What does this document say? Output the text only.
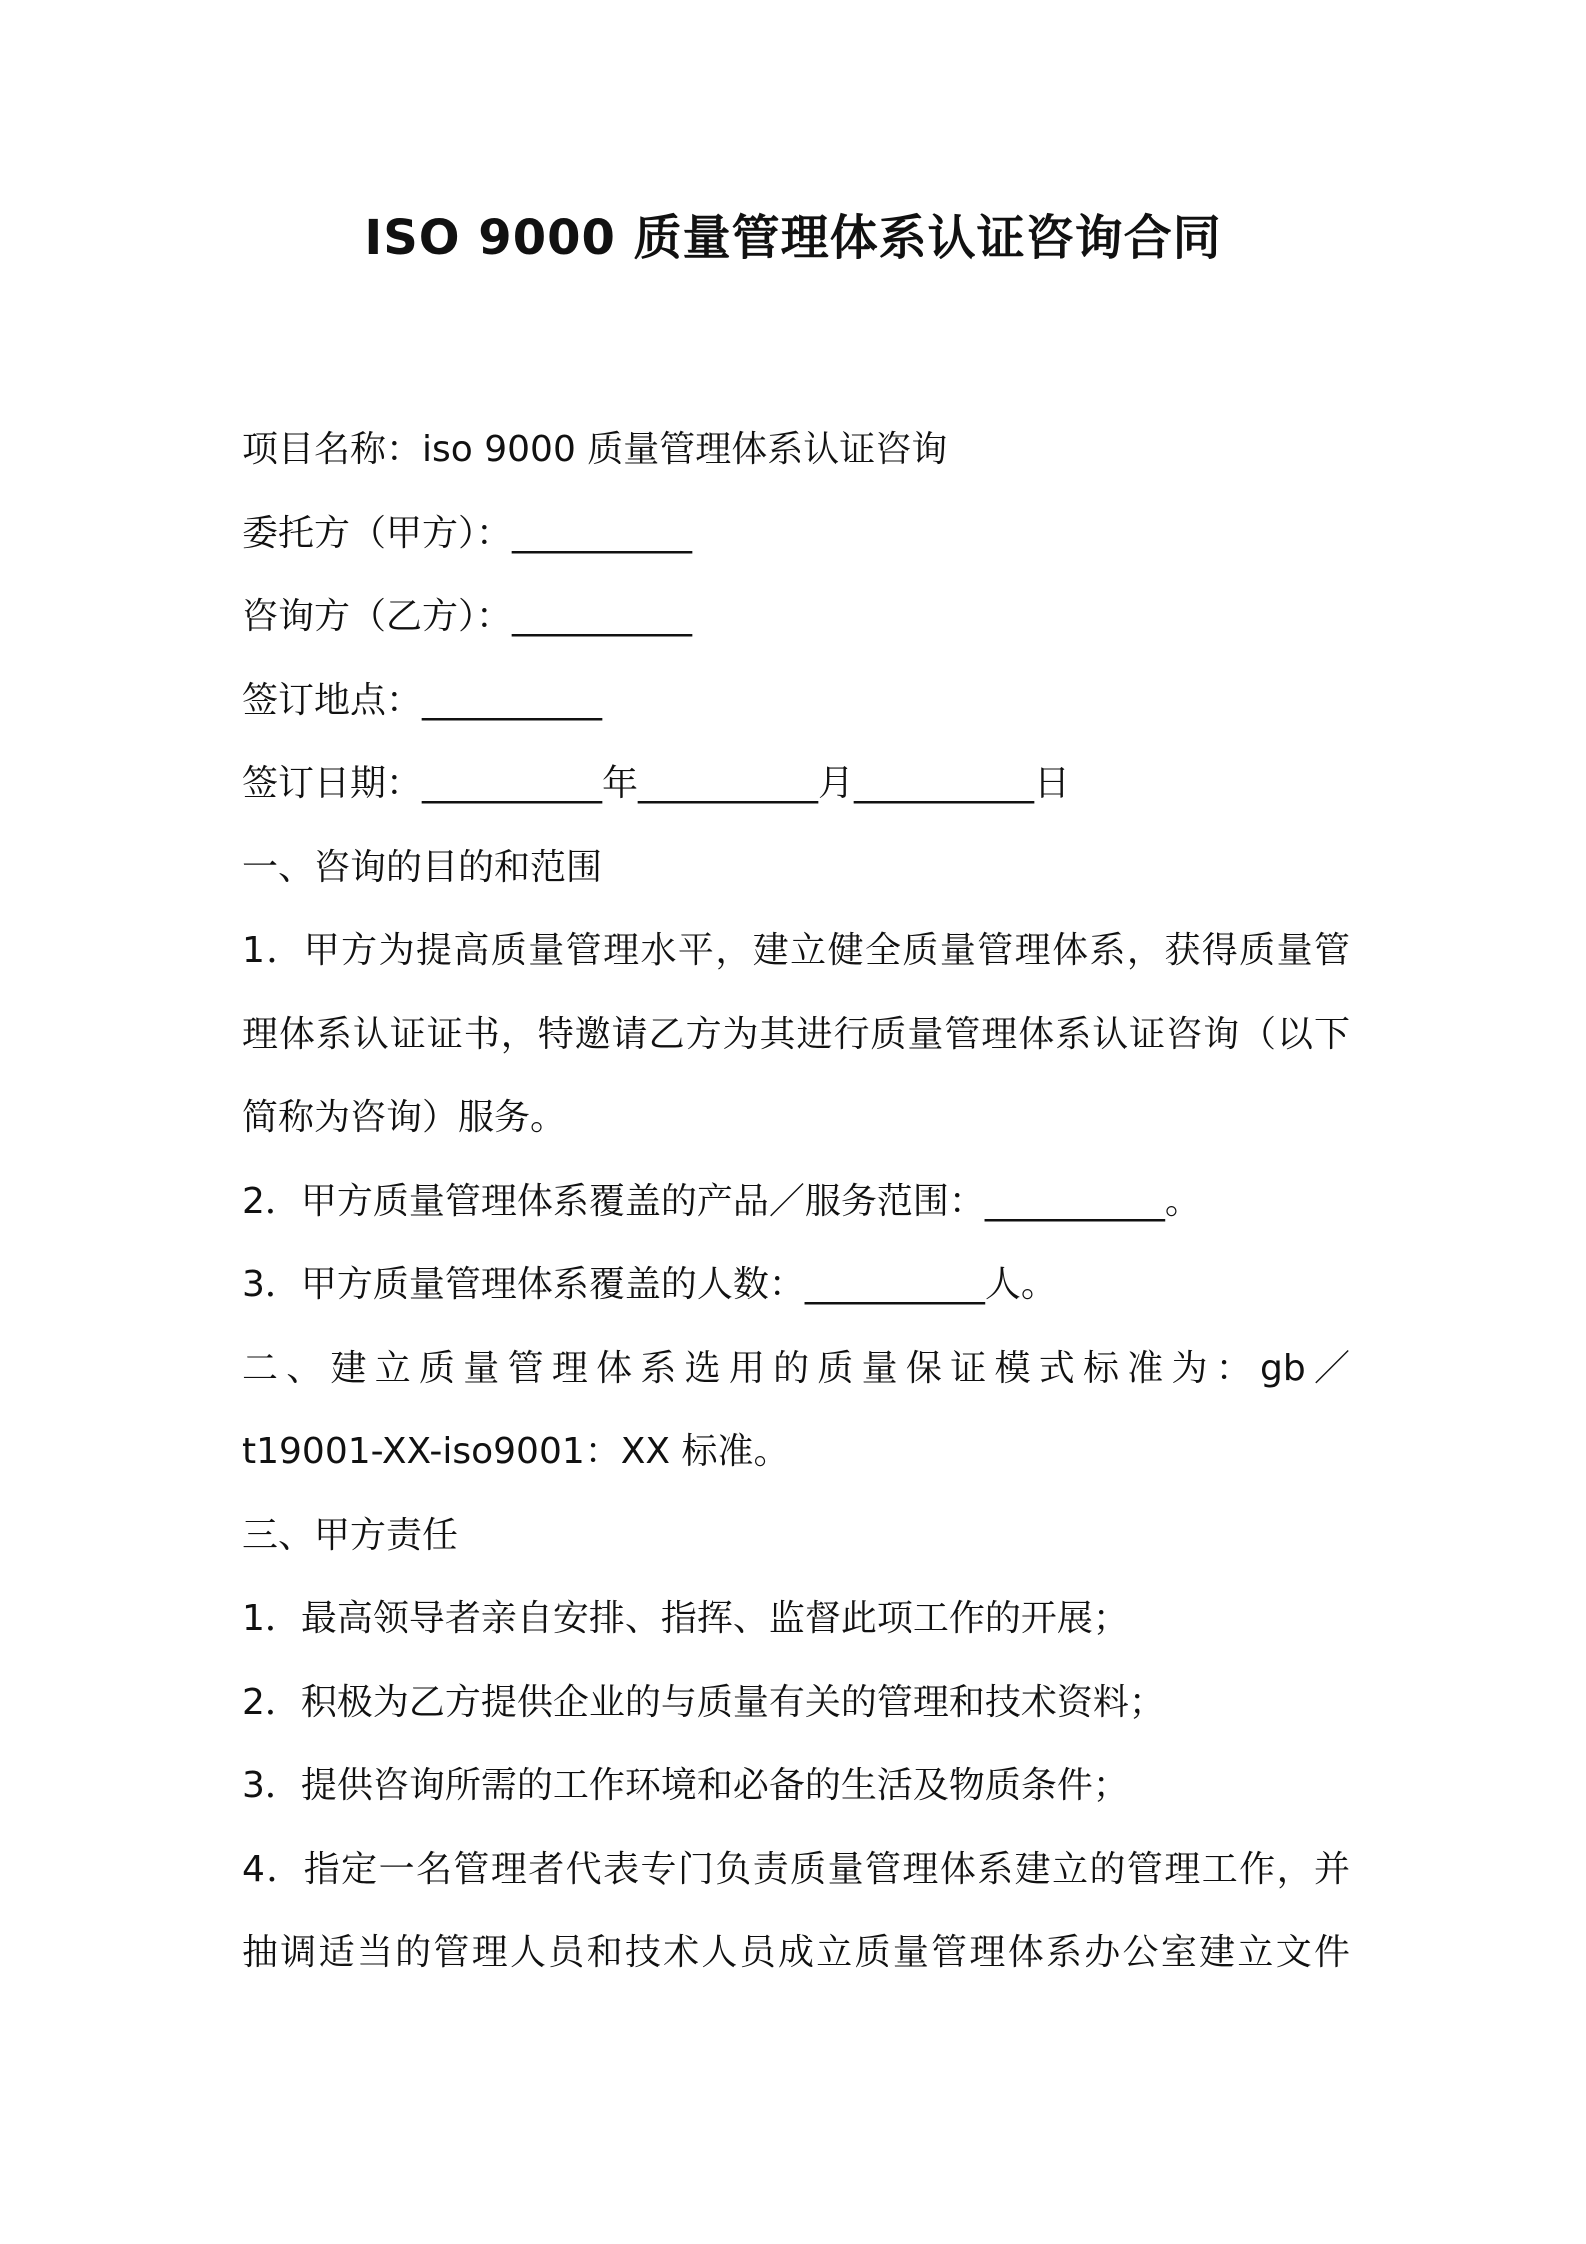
ISO 9000 质量管理体系认证咨询合同
项目名称：iso 9000 质量管理体系认证咨询
委托方（甲方）：__________
咨询方（乙方）：__________
签订地点：__________
签订日期：__________年__________月__________日
一、咨询的目的和范围
1．甲方为提高质量管理水平，建立健全质量管理体系，获得质量管
理体系认证证书，特邀请乙方为其进行质量管理体系认证咨询（以下
简称为咨询）服务。
2．甲方质量管理体系覆盖的产品／服务范围：__________。
3．甲方质量管理体系覆盖的人数：__________人。
二、建立质量管理体系选用的质量保证模式标准为：gb／
t19001-XX-iso9001：XX 标准。
三、甲方责任
1．最高领导者亲自安排、指挥、监督此项工作的开展；
2．积极为乙方提供企业的与质量有关的管理和技术资料；
3．提供咨询所需的工作环境和必备的生活及物质条件；
4．指定一名管理者代表专门负责质量管理体系建立的管理工作，并
抽调适当的管理人员和技术人员成立质量管理体系办公室建立文件
